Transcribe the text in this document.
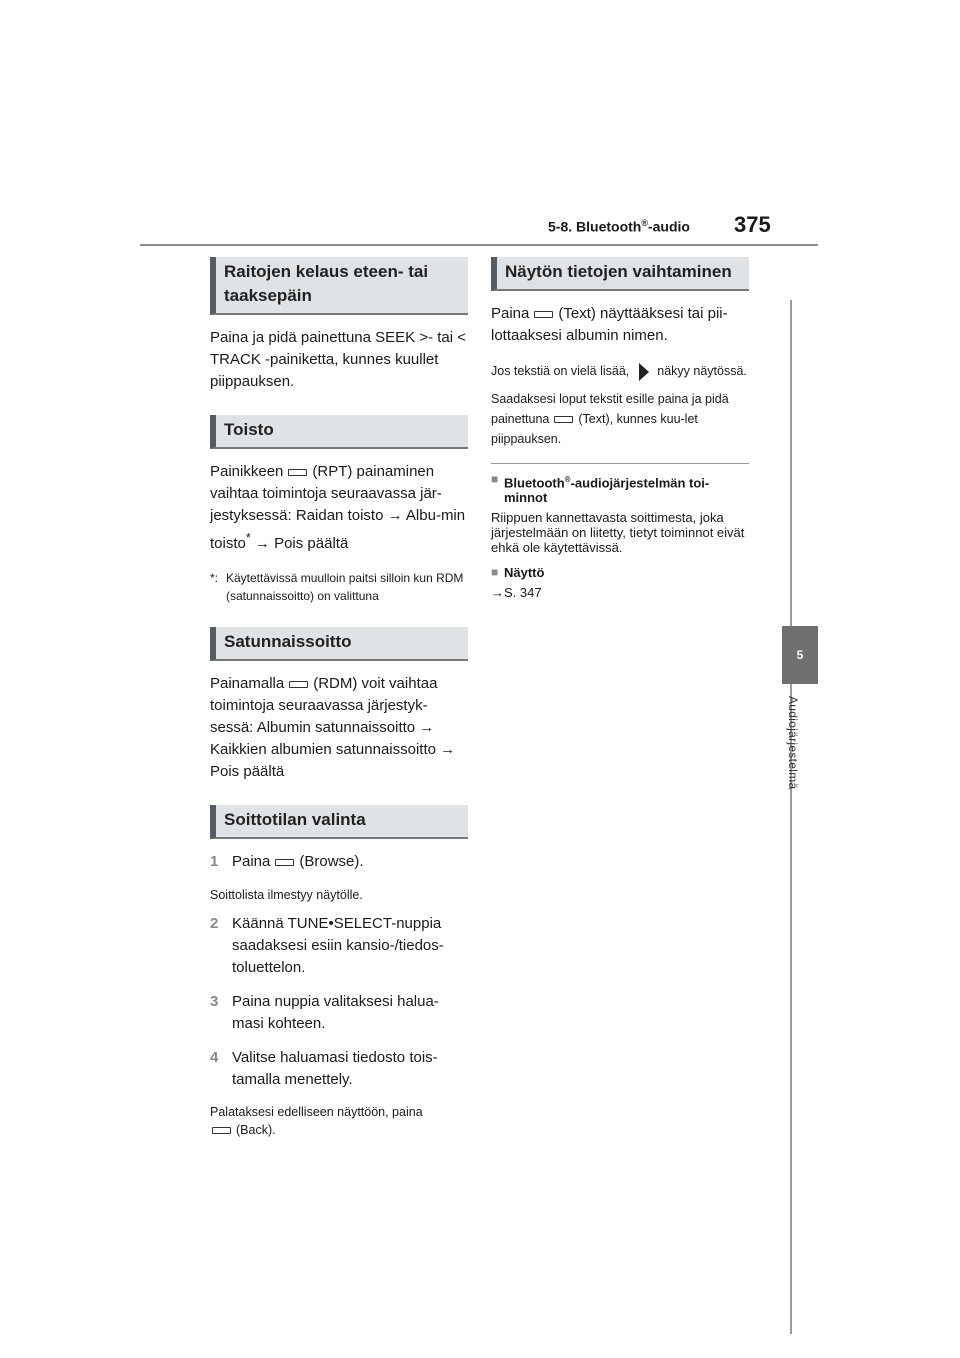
5-8. Bluetooth®-audio 375
5
Audiojärjestelmä
Raitojen kelaus eteen- tai taaksepäin

Paina ja pidä painettuna SEEK >- tai < TRACK -painiketta, kunnes kuullet piippauksen.

Toisto

Painikkeen (RPT) painaminen vaihtaa toimintoja seuraavassa jär-jestyksessä: Raidan toisto → Albu-min toisto* → Pois päältä

*: Käytettävissä muulloin paitsi silloin kun RDM (satunnaissoitto) on valittuna
Satunnaissoitto

Painamalla (RDM) voit vaihtaa toimintoja seuraavassa järjestyk-sessä: Albumin satunnaissoitto → Kaikkien albumien satunnaissoitto → Pois päältä

Soittotilan valinta
1 Paina (Browse).

Soittolista ilmestyy näytölle.

2 Käännä TUNE•SELECT-nuppia saadaksesi esiin kansio-/tiedos-toluettelon.
3 Paina nuppia valitaksesi halua-masi kohteen.
4 Valitse haluamasi tiedosto tois-tamalla menettely.

Palataksesi edelliseen näyttöön, paina
(Back).

Näytön tietojen vaihtaminen

Paina (Text) näyttääksesi tai pii-lottaaksesi albumin nimen.

Jos tekstiä on vielä lisää, näkyy näytössä.

Saadaksesi loput tekstit esille paina ja pidä painettuna (Text), kunnes kuu-let piippauksen.

■ Bluetooth®-audiojärjestelmän toi-minnot

Riippuen kannettavasta soittimesta, joka järjestelmään on liitetty, tietyt toiminnot eivät ehkä ole käytettävissä.

■ Näyttö

→S. 347
